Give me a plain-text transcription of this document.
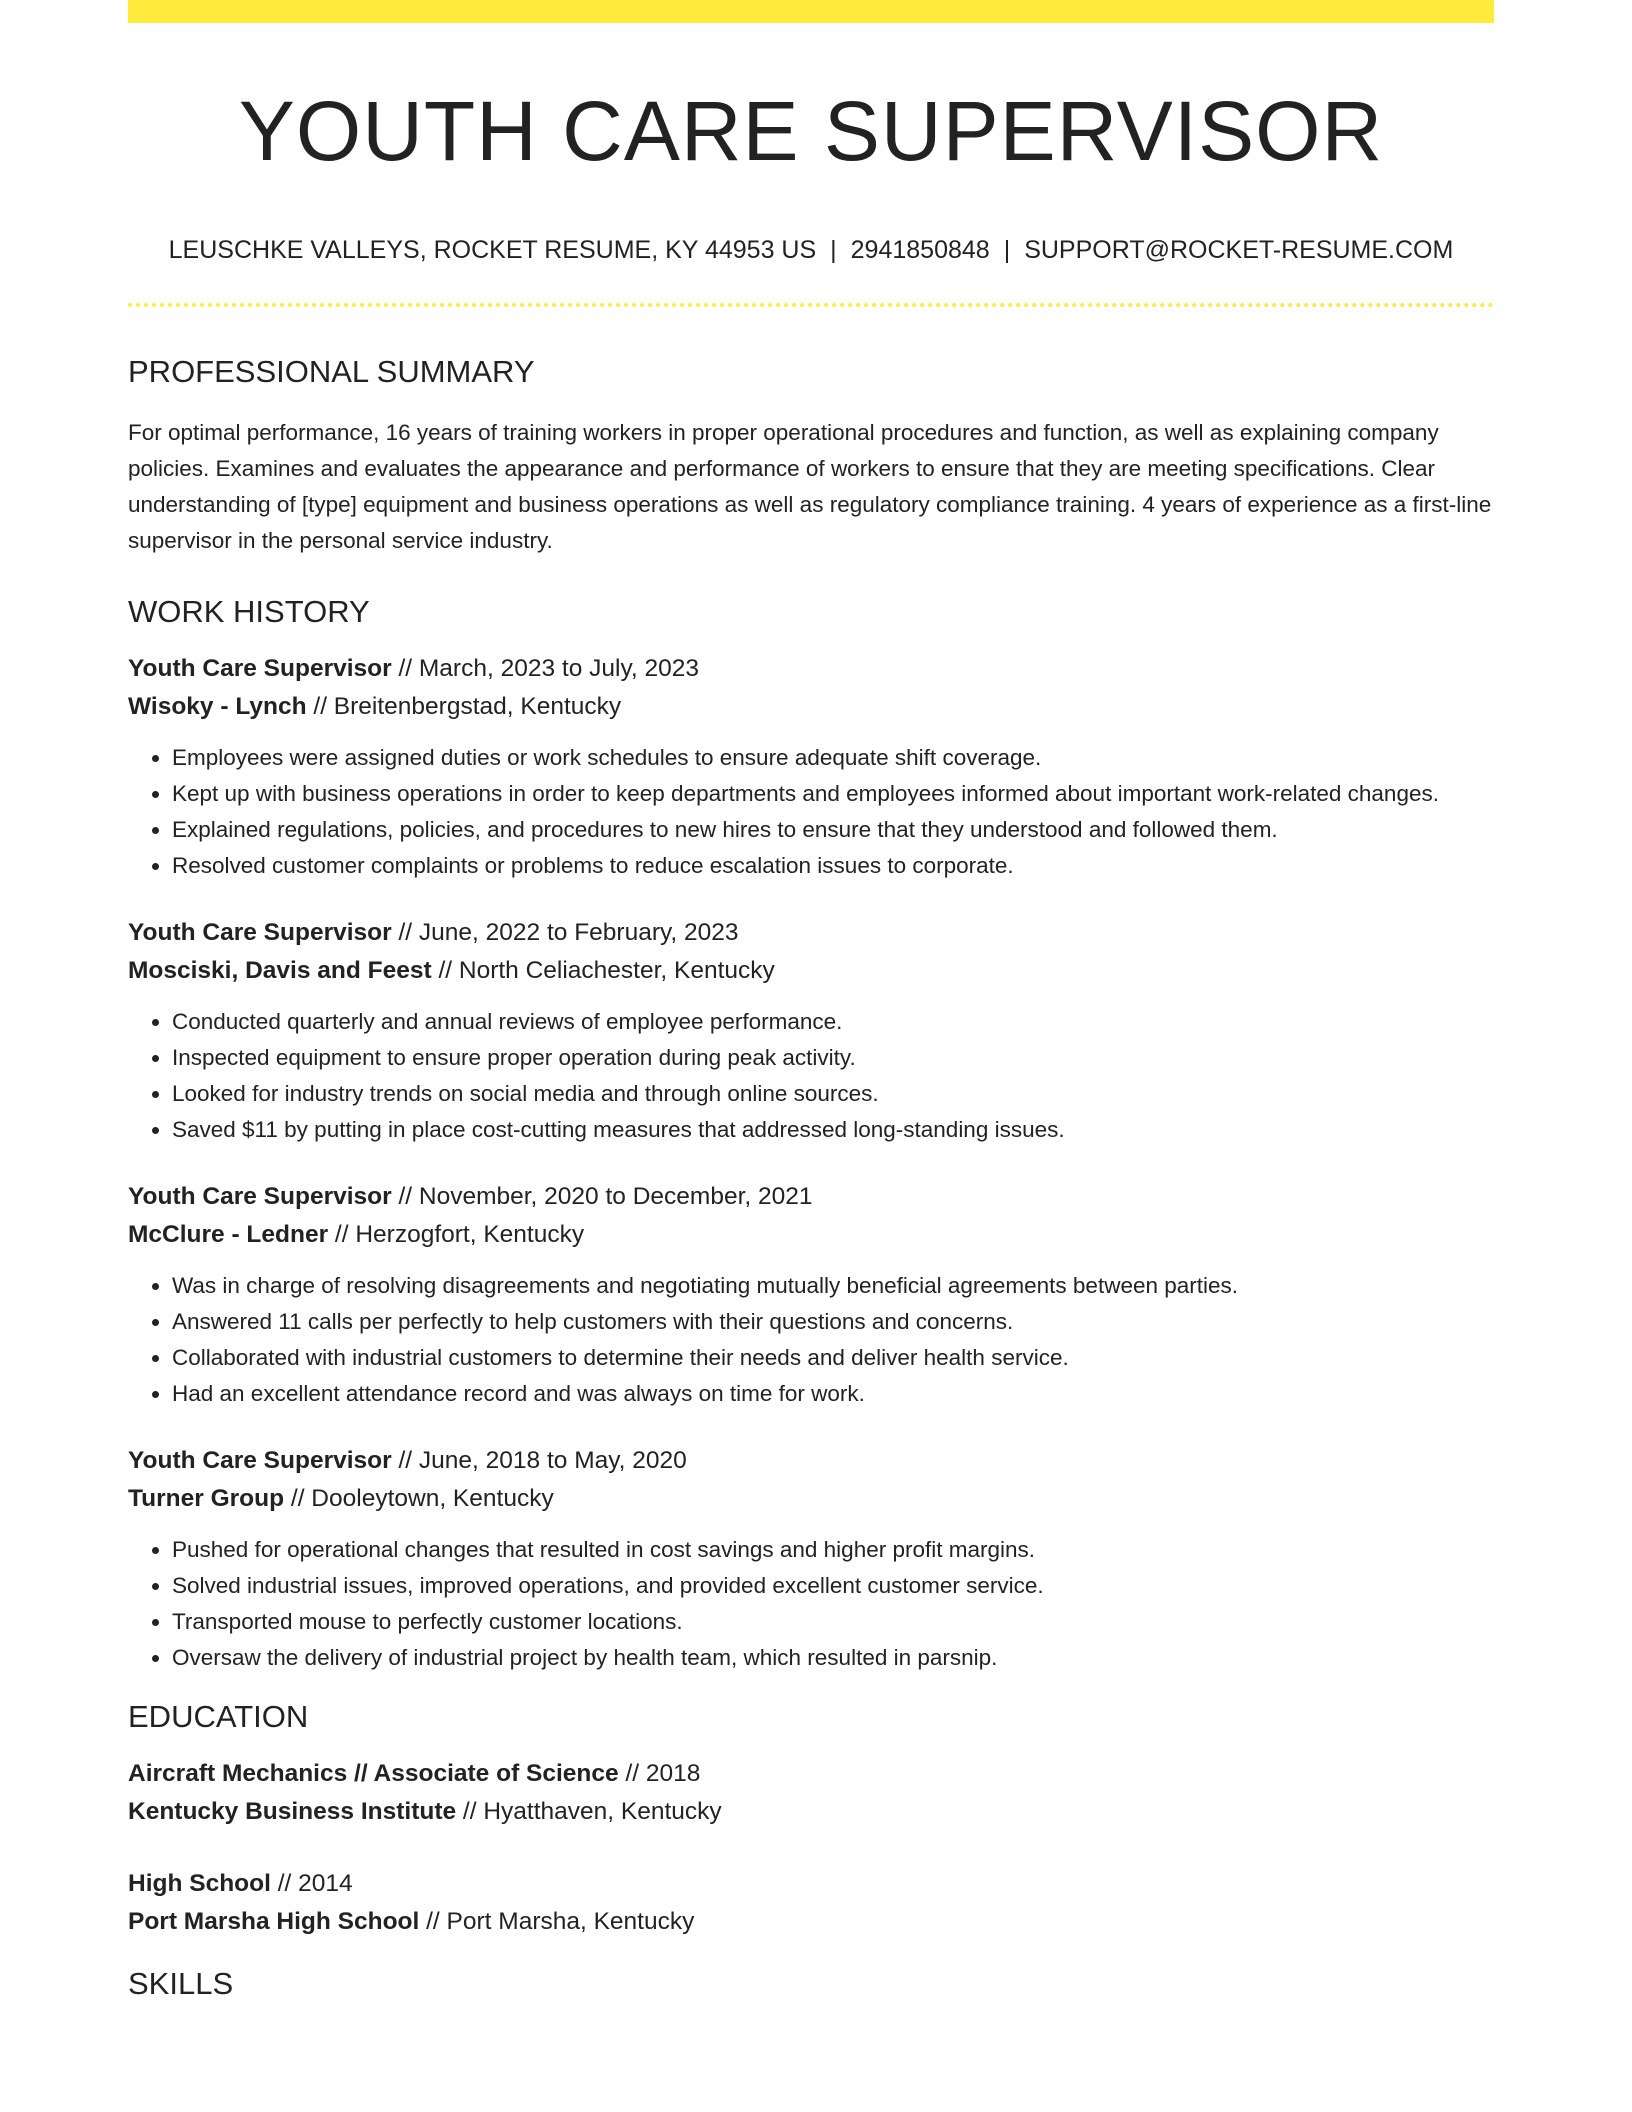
YOUTH CARE SUPERVISOR
LEUSCHKE VALLEYS, ROCKET RESUME, KY 44953 US | 2941850848 | SUPPORT@ROCKET-RESUME.COM
PROFESSIONAL SUMMARY

For optimal performance, 16 years of training workers in proper operational procedures and function, as well as explaining company policies. Examines and evaluates the appearance and performance of workers to ensure that they are meeting specifications. Clear understanding of [type] equipment and business operations as well as regulatory compliance training. 4 years of experience as a first-line supervisor in the personal service industry.

WORK HISTORY
Youth Care Supervisor // March, 2023 to July, 2023
Wisoky - Lynch // Breitenbergstad, Kentucky
• Employees were assigned duties or work schedules to ensure adequate shift coverage.
• Kept up with business operations in order to keep departments and employees informed about important work-related changes.
• Explained regulations, policies, and procedures to new hires to ensure that they understood and followed them.
• Resolved customer complaints or problems to reduce escalation issues to corporate.
Youth Care Supervisor // June, 2022 to February, 2023
Mosciski, Davis and Feest // North Celiachester, Kentucky
• Conducted quarterly and annual reviews of employee performance.
• Inspected equipment to ensure proper operation during peak activity.
• Looked for industry trends on social media and through online sources.
• Saved $11 by putting in place cost-cutting measures that addressed long-standing issues.
Youth Care Supervisor // November, 2020 to December, 2021
McClure - Ledner // Herzogfort, Kentucky
• Was in charge of resolving disagreements and negotiating mutually beneficial agreements between parties.
• Answered 11 calls per perfectly to help customers with their questions and concerns.
• Collaborated with industrial customers to determine their needs and deliver health service.
• Had an excellent attendance record and was always on time for work.
Youth Care Supervisor // June, 2018 to May, 2020
Turner Group // Dooleytown, Kentucky
• Pushed for operational changes that resulted in cost savings and higher profit margins.
• Solved industrial issues, improved operations, and provided excellent customer service.
• Transported mouse to perfectly customer locations.
• Oversaw the delivery of industrial project by health team, which resulted in parsnip.
EDUCATION
Aircraft Mechanics // Associate of Science // 2018
Kentucky Business Institute // Hyatthaven, Kentucky
High School // 2014
Port Marsha High School // Port Marsha, Kentucky
SKILLS
